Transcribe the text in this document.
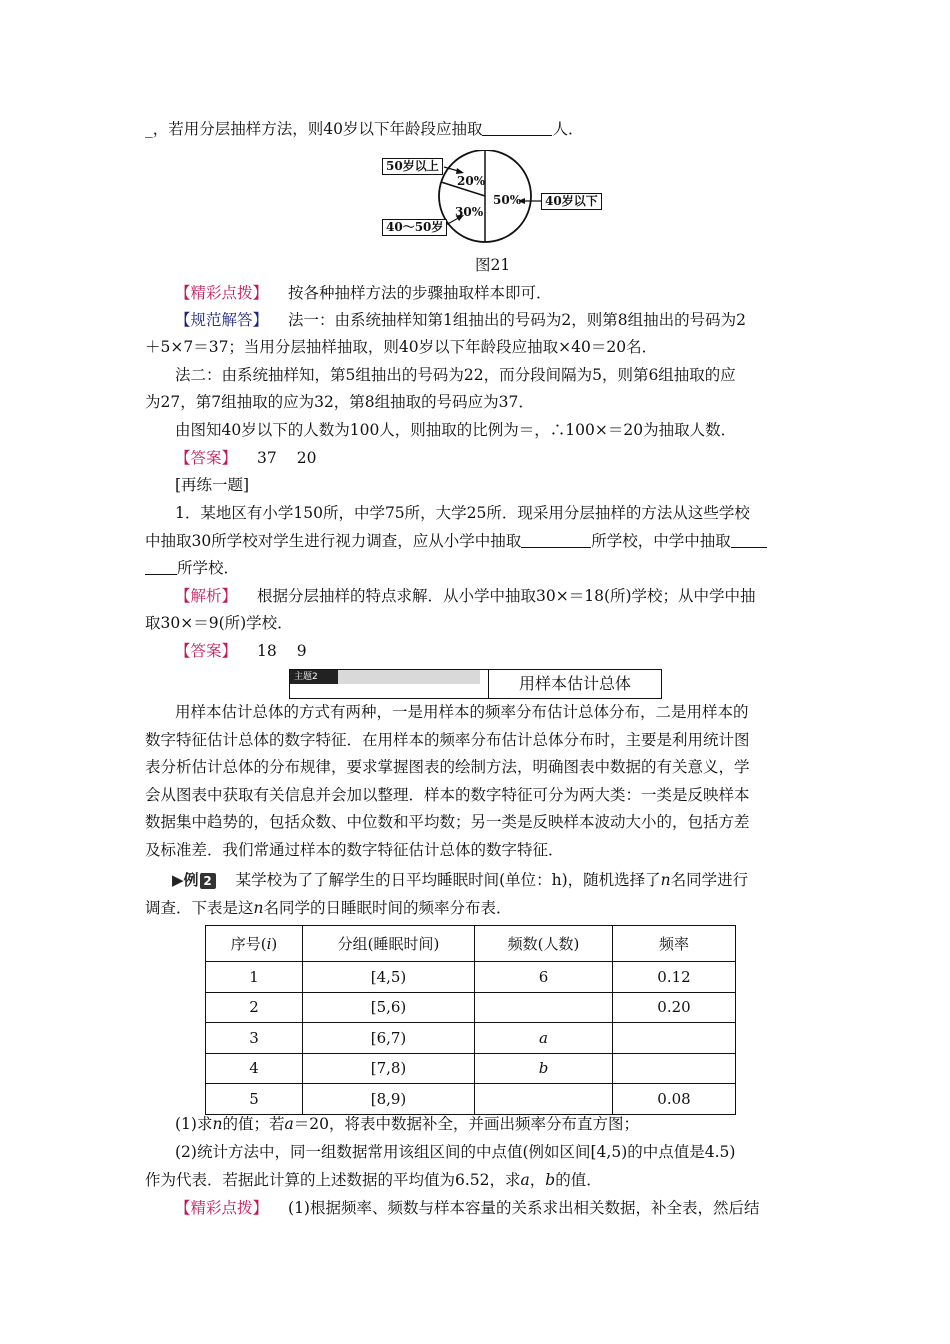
_，若用分层抽样方法，则40岁以下年龄段应抽取	人．
50岁以上
40岁以下
40～50岁
20%
30%
50%
图21
【精彩点拨】 按各种抽样方法的步骤抽取样本即可．
【规范解答】 法一：由系统抽样知第1组抽出的号码为2，则第8组抽出的号码为2
＋5×7＝37；当用分层抽样抽取，则40岁以下年龄段应抽取×40＝20名．
法二：由系统抽样知，第5组抽出的号码为22，而分段间隔为5，则第6组抽取的应
为27，第7组抽取的应为32，第8组抽取的号码应为37．
由图知40岁以下的人数为100人，则抽取的比例为＝，∴100×＝20为抽取人数．
【答案】 37 20
[再练一题]
1．某地区有小学150所，中学75所，大学25所．现采用分层抽样的方法从这些学校
中抽取30所学校对学生进行视力调查，应从小学中抽取	所学校，中学中抽取
所学校．
【解析】 根据分层抽样的特点求解．从小学中抽取30×＝18(所)学校；从中学中抽
取30×＝9(所)学校．
【答案】 18 9
主题2	用样本估计总体
用样本估计总体的方式有两种，一是用样本的频率分布估计总体分布，二是用样本的
数字特征估计总体的数字特征．在用样本的频率分布估计总体分布时，主要是利用统计图
表分析估计总体的分布规律，要求掌握图表的绘制方法，明确图表中数据的有关意义，学
会从图表中获取有关信息并会加以整理．样本的数字特征可分为两大类：一类是反映样本
数据集中趋势的，包括众数、中位数和平均数；另一类是反映样本波动大小的，包括方差
及标准差．我们常通过样本的数字特征估计总体的数字特征．
▶例 2 某学校为了了解学生的日平均睡眠时间(单位：h)，随机选择了n名同学进行
调查．下表是这n名同学的日睡眠时间的频率分布表．
序号(i)	分组(睡眠时间)	频数(人数)	频率
1	[4,5)	6	0.12
2	[5,6)		0.20
3	[6,7)	a	
4	[7,8)	b	
5	[8,9)		0.08
(1)求n的值；若a＝20，将表中数据补全，并画出频率分布直方图；
(2)统计方法中，同一组数据常用该组区间的中点值(例如区间[4,5)的中点值是4.5)
作为代表．若据此计算的上述数据的平均值为6.52，求a，b的值．
【精彩点拨】 (1)根据频率、频数与样本容量的关系求出相关数据，补全表，然后结
